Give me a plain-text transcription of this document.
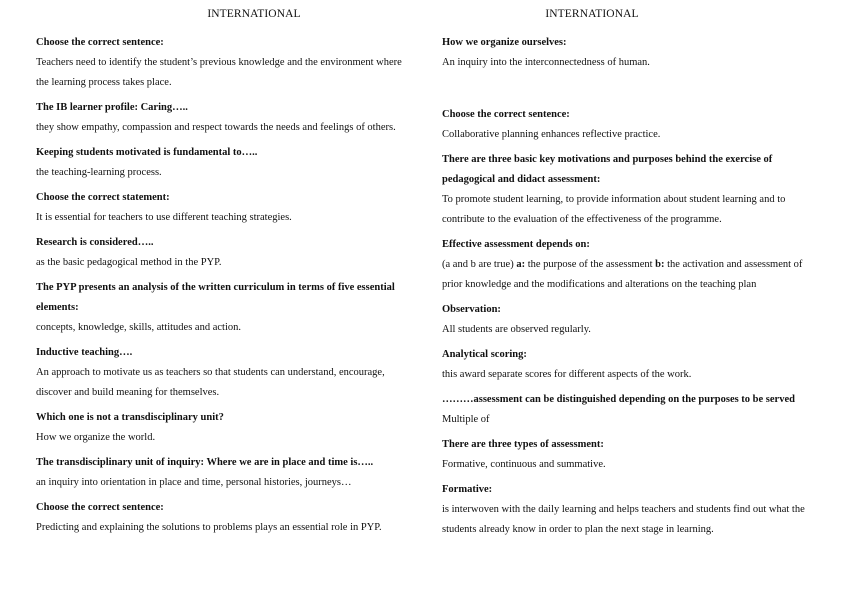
INTERNATIONAL

Choose the correct sentence:

Teachers need to identify the student’s previous knowledge and the environment where the learning process takes place.

The IB learner profile: Caring…..

they show empathy, compassion and respect towards the needs and feelings of others.

Keeping students motivated is fundamental to…..

the teaching-learning process.

Choose the correct statement:

It is essential for teachers to use different teaching strategies.

Research is considered…..

as the basic pedagogical method in the PYP.

The PYP presents an analysis of the written curriculum in terms of five essential elements:

concepts, knowledge, skills, attitudes and action.

Inductive teaching….

An approach to motivate us as teachers so that students can understand, encourage, discover and build meaning for themselves.

Which one is not a transdisciplinary unit?

How we organize the world.

The transdisciplinary unit of inquiry: Where we are in place and time is…..

an inquiry into orientation in place and time, personal histories, journeys…

Choose the correct sentence:

Predicting and explaining the solutions to problems plays an essential role in PYP.

INTERNATIONAL

How we organize ourselves:

An inquiry into the interconnectedness of human.

Choose the correct sentence:

Collaborative planning enhances reflective practice.

There are three basic key motivations and purposes behind the exercise of pedagogical and didact assessment:

To promote student learning, to provide information about student learning and to contribute to the evaluation of the effectiveness of the programme.

Effective assessment depends on:

(a and b are true) a: the purpose of the assessment b: the activation and assessment of prior knowledge and the modifications and alterations on the teaching plan

Observation:

All students are observed regularly.

Analytical scoring:

this award separate scores for different aspects of the work.

………assessment can be distinguished depending on the purposes to be served

Multiple of

There are three types of assessment:

Formative, continuous and summative.

Formative:

is interwoven with the daily learning and helps teachers and students find out what the students already know in order to plan the next stage in learning.
